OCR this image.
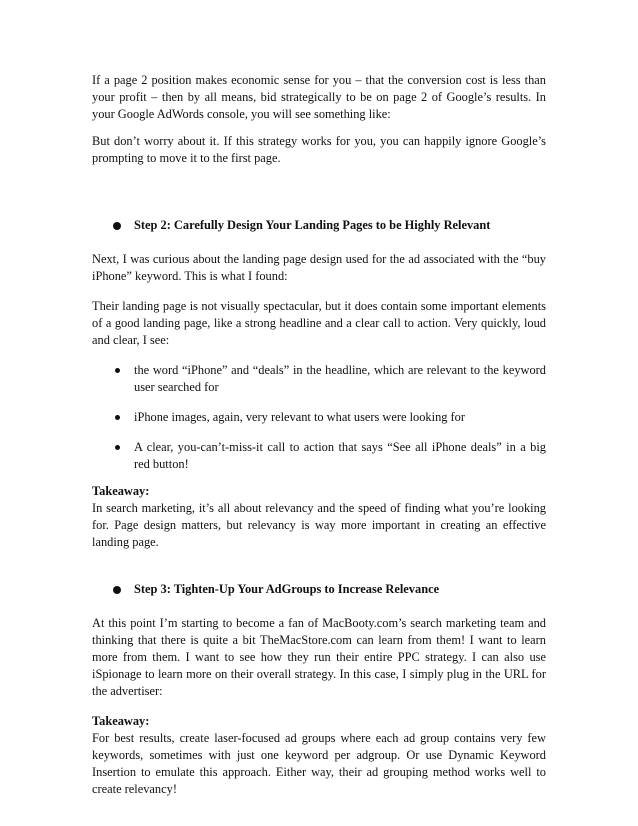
If a page 2 position makes economic sense for you – that the conversion cost is less than your profit – then by all means, bid strategically to be on page 2 of Google’s results. In your Google AdWords console, you will see something like:

But don’t worry about it. If this strategy works for you, you can happily ignore Google’s prompting to move it to the first page.

Step 2: Carefully Design Your Landing Pages to be Highly Relevant

Next, I was curious about the landing page design used for the ad associated with the “buy iPhone” keyword. This is what I found:

Their landing page is not visually spectacular, but it does contain some important elements of a good landing page, like a strong headline and a clear call to action. Very quickly, loud and clear, I see:

the word “iPhone” and “deals” in the headline, which are relevant to the keyword user searched for
iPhone images, again, very relevant to what users were looking for
A clear, you-can’t-miss-it call to action that says “See all iPhone deals” in a big red button!

Takeaway:
In search marketing, it’s all about relevancy and the speed of finding what you’re looking for. Page design matters, but relevancy is way more important in creating an effective landing page.

Step 3: Tighten-Up Your AdGroups to Increase Relevance

At this point I’m starting to become a fan of MacBooty.com’s search marketing team and thinking that there is quite a bit TheMacStore.com can learn from them! I want to learn more from them. I want to see how they run their entire PPC strategy. I can also use iSpionage to learn more on their overall strategy. In this case, I simply plug in the URL for the advertiser:

Takeaway:
For best results, create laser-focused ad groups where each ad group contains very few keywords, sometimes with just one keyword per adgroup. Or use Dynamic Keyword Insertion to emulate this approach. Either way, their ad grouping method works well to create relevancy!
